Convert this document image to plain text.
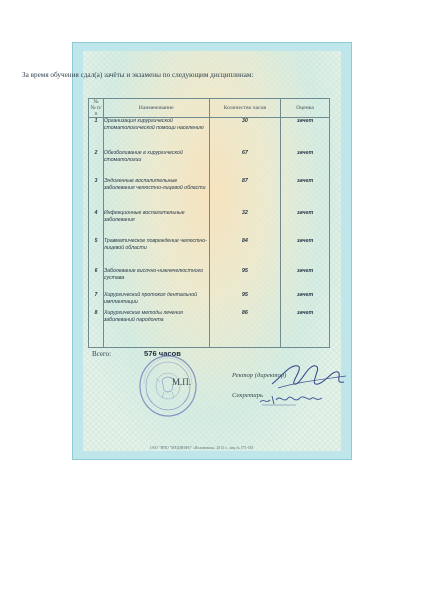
За время обучения сдал(а) зачёты и экзамены по следующим дисциплинам:
№ № п/п	Наименование	Количество часов	Оценка
1	Организация хирургической стоматологической помощи населению	30	зачет
2	Обезболивание в хирургической стоматологии	67	зачет
3	Эндогенные воспалительные заболевания челюстно-лицевой области	87	зачет
4	Инфекционные воспалительные заболевания	32	зачет
5	Травматическое повреждение челюстно-лицевой области	84	зачет
6	Заболевание височно-нижнечелюстного сустава	95	зачет
7	Хирургический протокол дентальной имплантации	95	зачет
8	Хирургические методы лечения заболеваний пародонта	86	зачет
Всего:	576 часов
М.П.
Ректор (директор)
Секретарь
ООО "НПО "МЕДИНФО" «Вольмекон», 2015 г., лиц.№ 575-018
